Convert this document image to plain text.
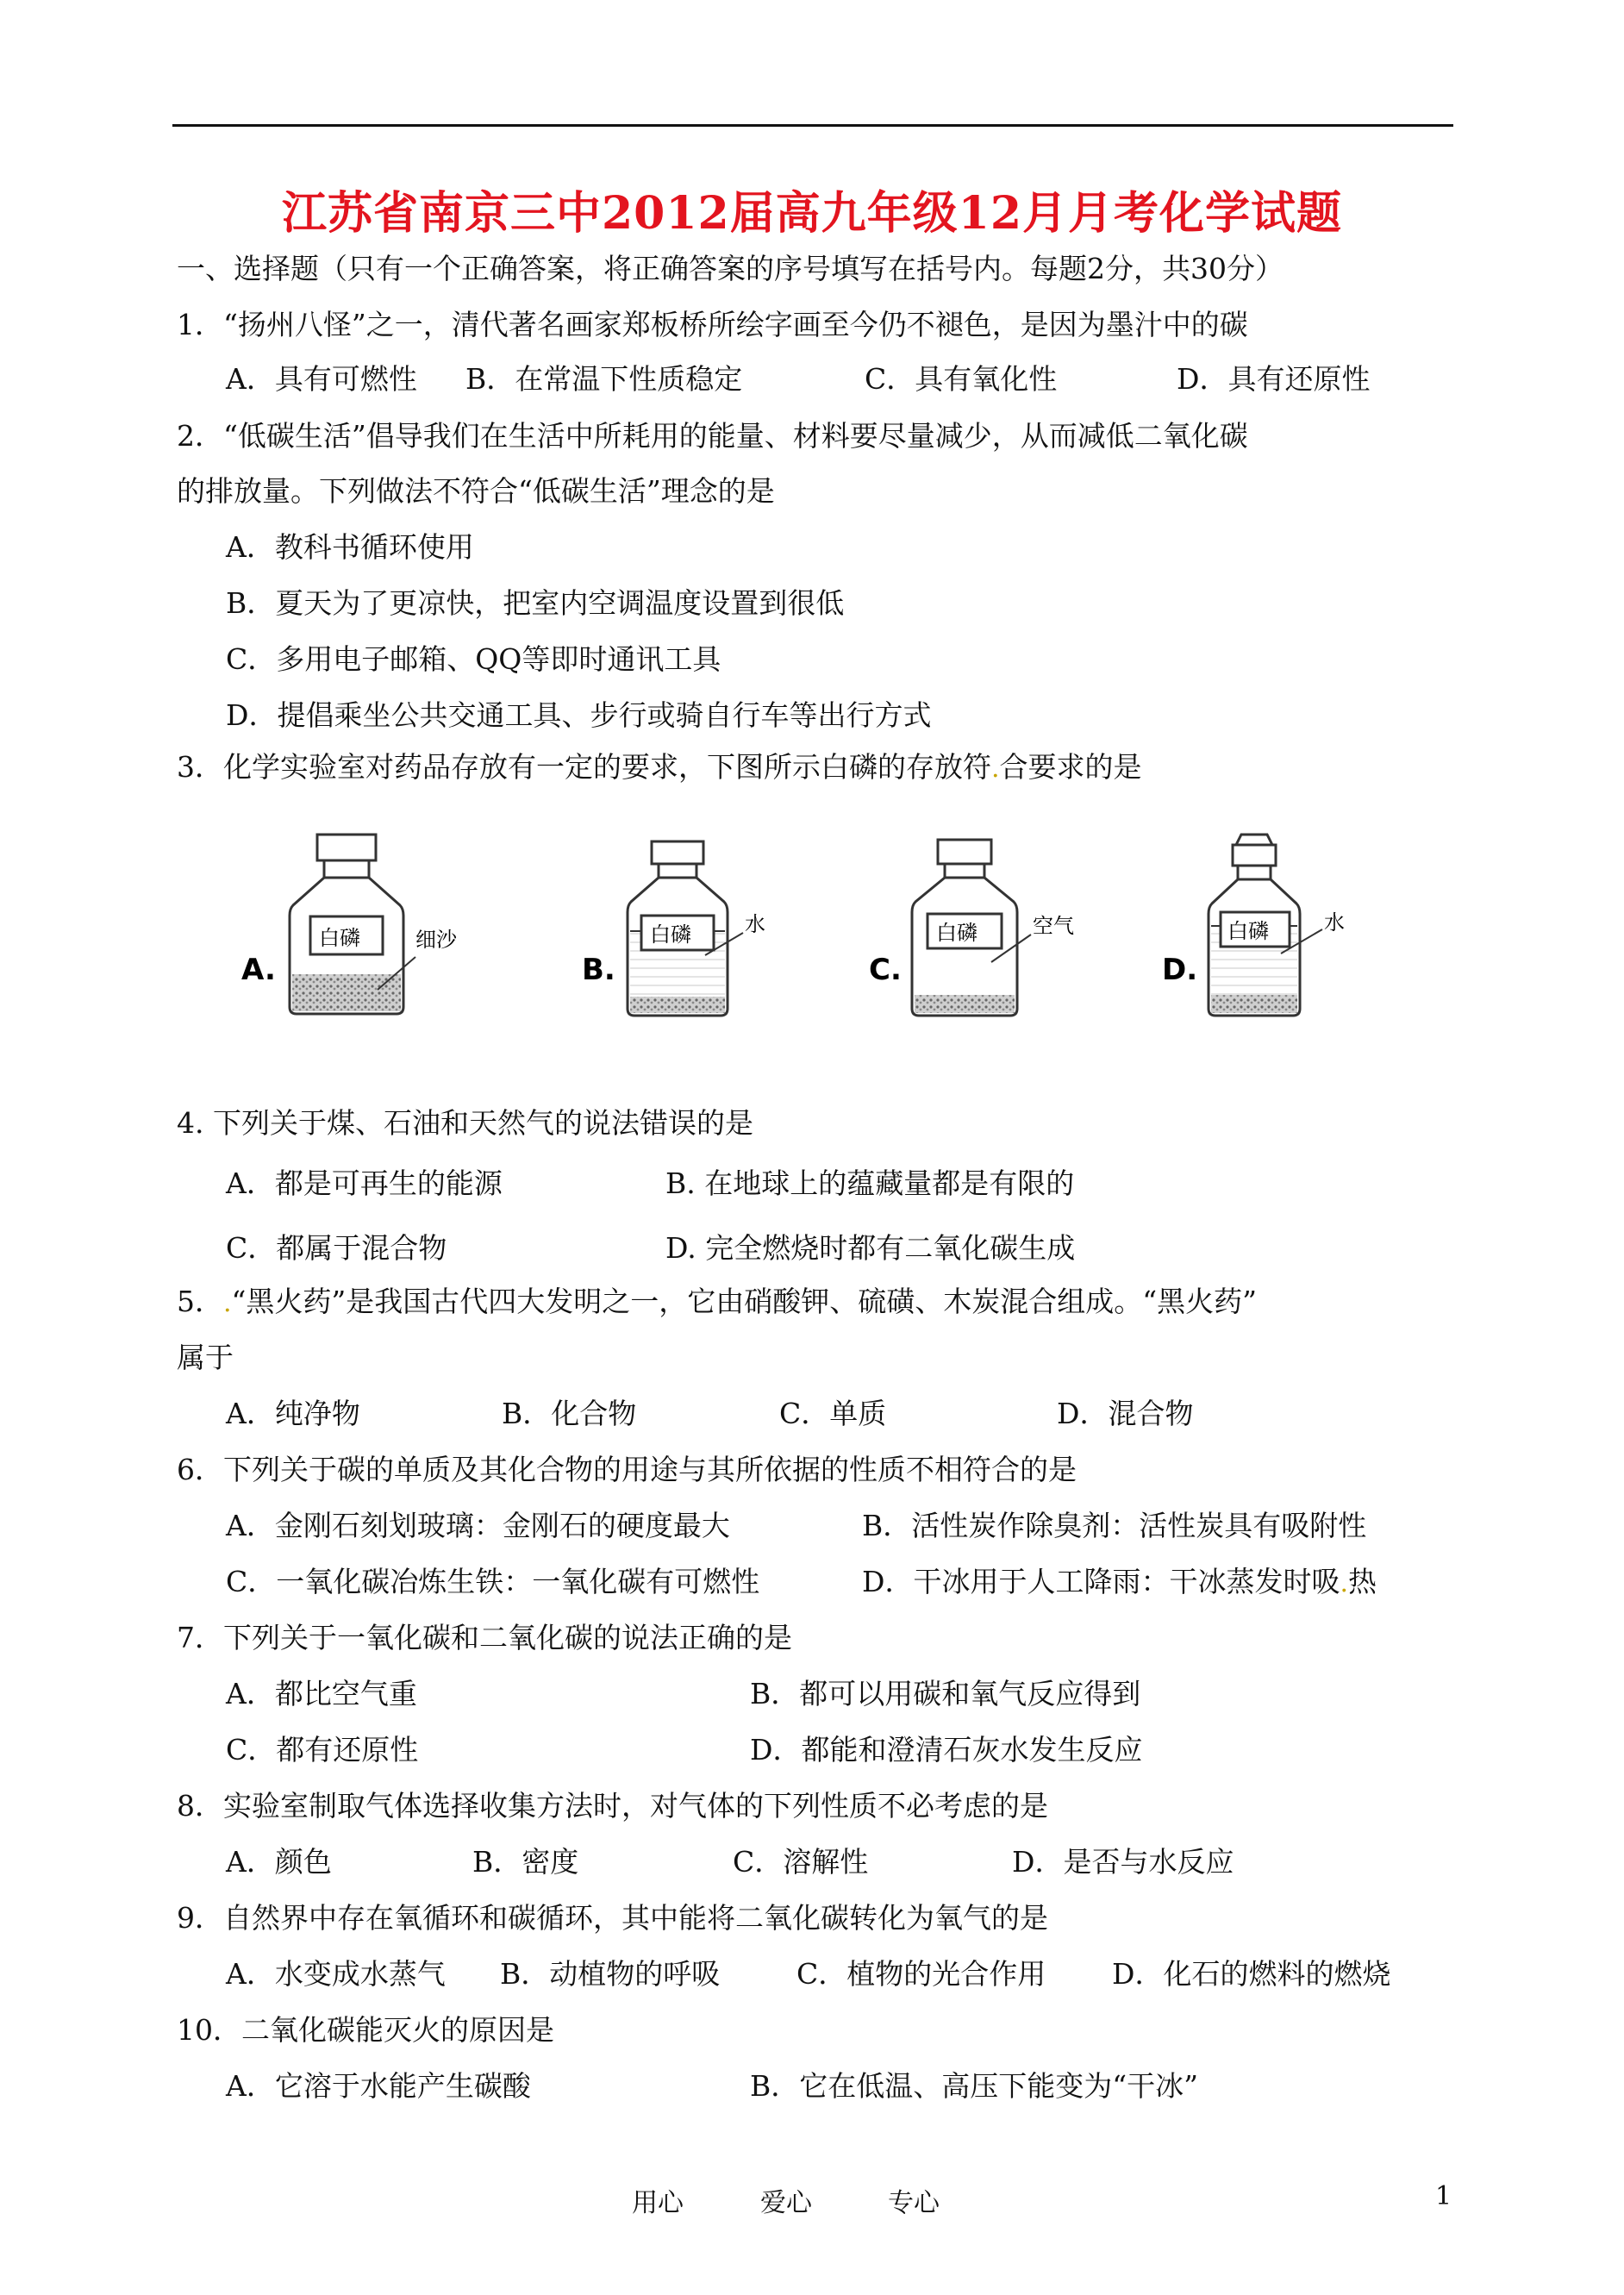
江苏省南京三中2012届高九年级12月月考化学试题
一、选择题（只有一个正确答案，将正确答案的序号填写在括号内。每题2分，共30分）
1．“扬州八怪”之一，清代著名画家郑板桥所绘字画至今仍不褪色，是因为墨汁中的碳
A．具有可燃性 B．在常温下性质稳定	C．具有氧化性	D．具有还原性
2．“低碳生活”倡导我们在生活中所耗用的能量、材料要尽量减少，从而减低二氧化碳
的排放量。下列做法不符合“低碳生活”理念的是
A．教科书循环使用
B．夏天为了更凉快，把室内空调温度设置到很低
C．多用电子邮箱、QQ等即时通讯工具
D．提倡乘坐公共交通工具、步行或骑自行车等出行方式
3．化学实验室对药品存放有一定的要求，下图所示白磷的存放符.合要求的是
A.
白磷	细沙
B.
白磷	水
C.
白磷	空气
D.
白磷	水
4. 下列关于煤、石油和天然气的说法错误的是
A．都是可再生的能源	B. 在地球上的蕴藏量都是有限的
C．都属于混合物	D. 完全燃烧时都有二氧化碳生成
5．.“黑火药”是我国古代四大发明之一，它由硝酸钾、硫磺、木炭混合组成。“黑火药”
属于
A．纯净物	B．化合物	C．单质	D．混合物
6．下列关于碳的单质及其化合物的用途与其所依据的性质不相符合的是
A．金刚石刻划玻璃：金刚石的硬度最大	B．活性炭作除臭剂：活性炭具有吸附性
C．一氧化碳冶炼生铁：一氧化碳有可燃性	D．干冰用于人工降雨：干冰蒸发时吸.热
7．下列关于一氧化碳和二氧化碳的说法正确的是
A．都比空气重	B．都可以用碳和氧气反应得到
C．都有还原性	D．都能和澄清石灰水发生反应
8．实验室制取气体选择收集方法时，对气体的下列性质不必考虑的是
A．颜色	B．密度	C．溶解性	D．是否与水反应
9．自然界中存在氧循环和碳循环，其中能将二氧化碳转化为氧气的是
A．水变成水蒸气 B．动植物的呼吸	C．植物的光合作用 D．化石的燃料的燃烧
10．二氧化碳能灭火的原因是
A．它溶于水能产生碳酸	B．它在低温、高压下能变为“干冰”
用心	爱心	专心	1
